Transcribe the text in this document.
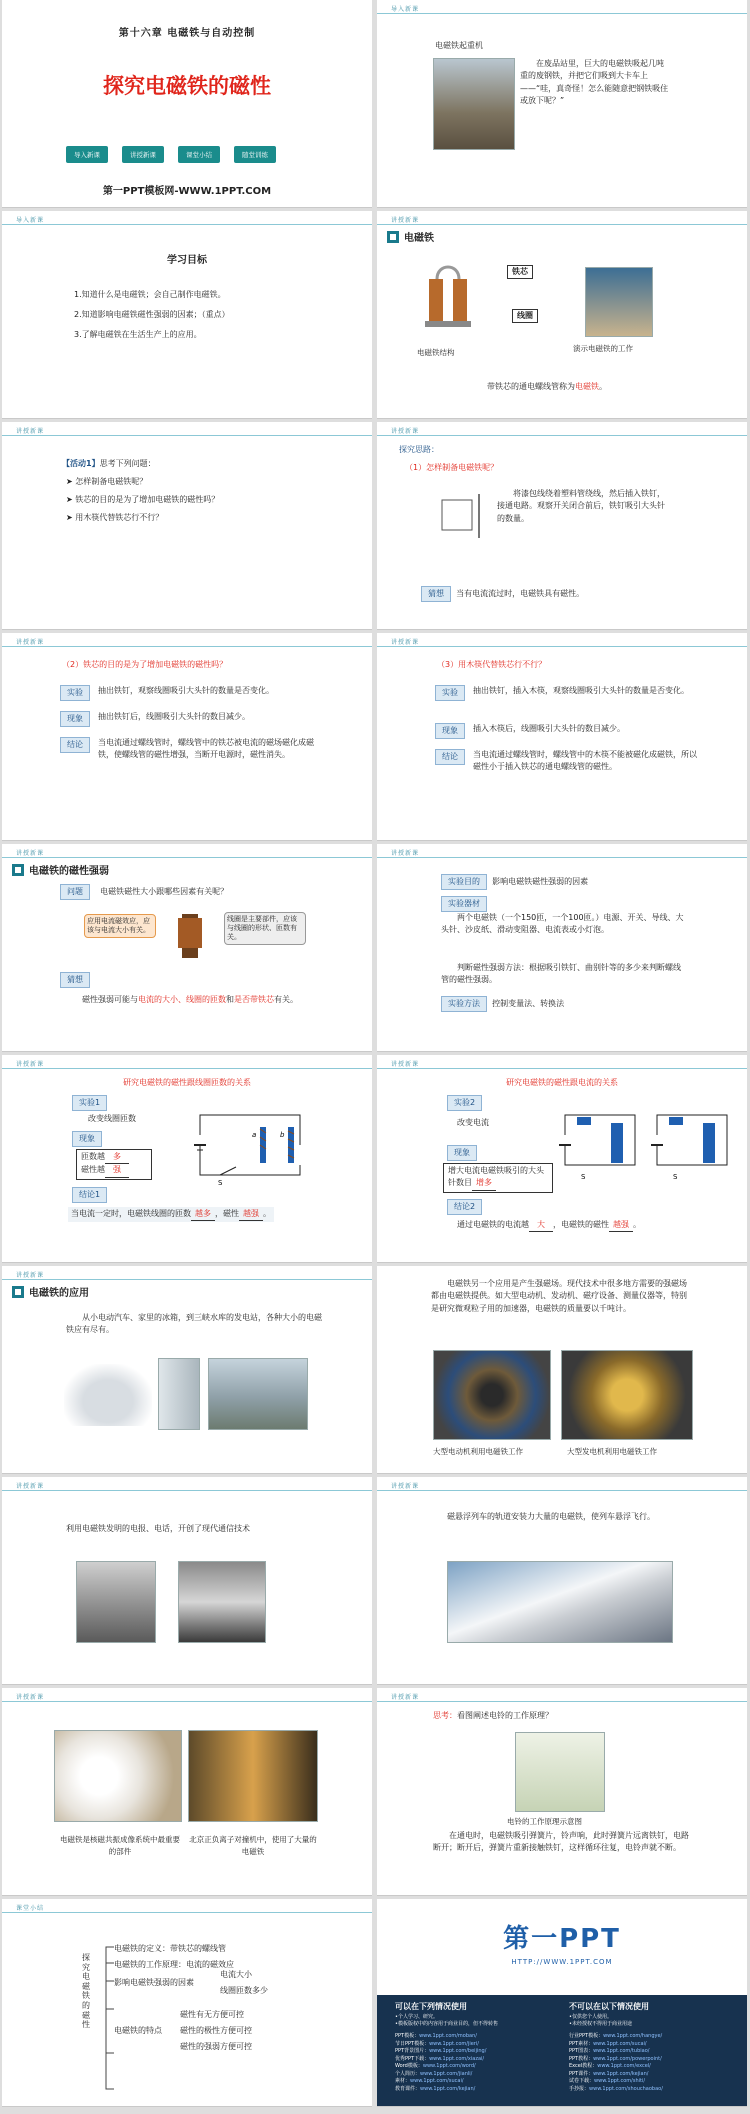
第十六章 电磁铁与自动控制
探究电磁铁的磁性
导入新课	讲授新课	课堂小结	随堂训练
第一PPT模板网-WWW.1PPT.COM
导入新课
电磁铁起重机
在废品站里，巨大的电磁铁吸起几吨重的废钢铁，并把它们吸到大卡车上——“哇，真奇怪！怎么能随意把钢铁吸住或放下呢？”
导入新课
学习目标
1.知道什么是电磁铁；会自己制作电磁铁。
2.知道影响电磁铁磁性强弱的因素；（重点）
3.了解电磁铁在生活生产上的应用。
讲授新课
电磁铁
铁芯
线圈
电磁铁结构	演示电磁铁的工作
带铁芯的通电螺线管称为电磁铁。
讲授新课
【活动1】思考下列问题：
➤ 怎样制备电磁铁呢？
➤ 铁芯的目的是为了增加电磁铁的磁性吗？
➤ 用木筷代替铁芯行不行？
讲授新课
探究思路：
（1）怎样制备电磁铁呢？
将漆包线绕着塑料管绕线，然后插入铁钉，接通电路。观察开关闭合前后，铁钉吸引大头针的数量。
猜想 当有电流流过时，电磁铁具有磁性。
讲授新课
（2）铁芯的目的是为了增加电磁铁的磁性吗？
实验	抽出铁钉，观察线圈吸引大头针的数量是否变化。
现象	抽出铁钉后，线圈吸引大头针的数目减少。
结论	当电流通过螺线管时，螺线管中的铁芯被电流的磁场磁化成磁铁，使螺线管的磁性增强，当断开电源时，磁性消失。
讲授新课
（3）用木筷代替铁芯行不行？
实验	抽出铁钉，插入木筷，观察线圈吸引大头针的数量是否变化。
现象	插入木筷后，线圈吸引大头针的数目减少。
结论	当电流通过螺线管时，螺线管中的木筷不能被磁化成磁铁，所以磁性小于插入铁芯的通电螺线管的磁性。
讲授新课
电磁铁的磁性强弱
问题 电磁铁磁性大小跟哪些因素有关呢？
应用电流磁效应，应该与电流大小有关。
线圈是主要部件，应该与线圈的形状、匝数有关。
猜想
磁性强弱可能与电流的大小、线圈的匝数和是否带铁芯有关。
讲授新课
实验目的 影响电磁铁磁性强弱的因素
实验器材
两个电磁铁（一个150匝，一个100匝。）电源、开关、导线、大头针、沙皮纸、滑动变阻器、电流表或小灯泡。
判断磁性强弱方法：根据吸引铁钉、曲别针等的多少来判断螺线管的磁性强弱。
实验方法 控制变量法、转换法
讲授新课
研究电磁铁的磁性跟线圈匝数的关系
实验1
改变线圈匝数
现象
匝数越 多
磁性越 强
S
a	b
结论1
当电流一定时，电磁铁线圈的匝数 越多 ，磁性 越强 。
讲授新课
研究电磁铁的磁性跟电流的关系
实验2
改变电流
现象
增大电流电磁铁吸引的大头针数目 增多
S	S
结论2
通过电磁铁的电流越 大 ，电磁铁的磁性 越强 。
讲授新课
电磁铁的应用
从小电动汽车、家里的冰箱，到三峡水库的发电站，各种大小的电磁铁应有尽有。
电磁铁另一个应用是产生强磁场。现代技术中很多地方需要的强磁场都由电磁铁提供。如大型电动机、发动机、磁疗设备、测量仪器等，特别是研究微观粒子用的加速器，电磁铁的质量要以千吨计。
大型电动机利用电磁铁工作	大型发电机利用电磁铁工作
讲授新课
利用电磁铁发明的电报、电话，开创了现代通信技术
讲授新课
磁悬浮列车的轨道安装力大量的电磁铁，使列车悬浮飞行。
讲授新课
电磁铁是核磁共振成像系统中最重要的部件
北京正负离子对撞机中，使用了大量的电磁铁
讲授新课
思考：看图阐述电铃的工作原理？
电铃的工作原理示意图
在通电时，电磁铁吸引弹簧片，铃声响，此时弹簧片远离铁钉，电路断开；断开后，弹簧片重新接触铁钉，这样循环往复，电铃声就不断。
课堂小结
探究电磁铁的磁性
电磁铁的定义：带铁芯的螺线管
电磁铁的工作原理：电流的磁效应
影响电磁铁强弱的因素
电流大小
线圈匝数多少
电磁铁的特点
磁性有无方便可控
磁性的极性方便可控
磁性的强弱方便可控
第一PPT
HTTP://WWW.1PPT.COM
可以在下列情况使用
•个人学习、研究。
•模板版权中的内容用于商业目的，但不得转售
不可以在以下情况使用
•仅供您个人使用。
•未经授权不得用于商业用途
PPT模板：www.1ppt.com/moban/
节日PPT模板：www.1ppt.com/jieri/
PPT背景图片：www.1ppt.com/beijing/
优秀PPT下载：www.1ppt.com/xiazai/
Word模板：www.1ppt.com/word/
个人简历：www.1ppt.com/jianli/
素材：www.1ppt.com/sucai/
教育课件：www.1ppt.com/kejian/
行业PPT模板：www.1ppt.com/hangye/
PPT素材：www.1ppt.com/sucai/
PPT图表：www.1ppt.com/tubiao/
PPT教程：www.1ppt.com/powerpoint/
Excel教程：www.1ppt.com/excel/
PPT课件：www.1ppt.com/kejian/
试卷下载：www.1ppt.com/shiti/
手抄报：www.1ppt.com/shouchaobao/
